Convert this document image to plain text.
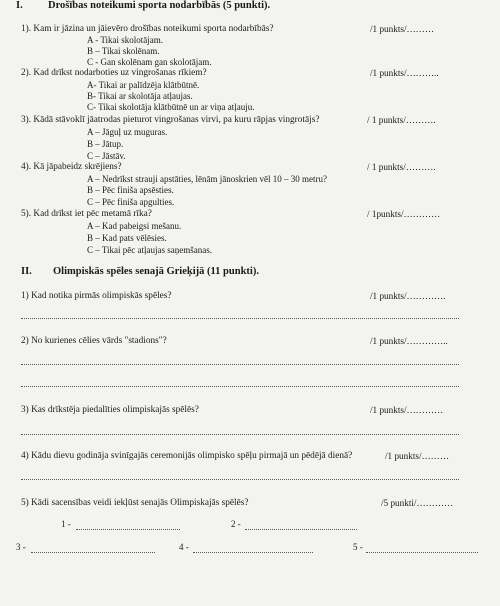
I. Drošības noteikumi sporta nodarbībās (5 punkti).
1). Kam ir jāzina un jāievēro drošības noteikumi sporta nodarbībās?	/1 punkts/………
A - Tikai skolotājam.
B – Tikai skolēnam.
C - Gan skolēnam gan skolotājam.
2). Kad drīkst nodarboties uz vingrošanas rīkiem?	/1 punkts/………..
A- Tikai ar palīdzēja klātbūtnē.
B- Tikai ar skolotāja atļaujas.
C- Tikai skolotāja klātbūtnē un ar viņa atļauju.
3). Kādā stāvoklī jāatrodas pieturot vingrošanas virvi, pa kuru rāpjas vingrotājs?	/ 1 punkts/……….
A – Jāguļ uz muguras.
B – Jātup.
C – Jāstāv.
4). Kā jāpabeidz skrējiens?	/ 1 punkts/……….
A – Nedrīkst strauji apstāties, lēnām jānoskrien vēl 10 – 30 metru?
B – Pēc finiša apsēsties.
C – Pēc finiša apgulties.
5). Kad drīkst iet pēc metamā rīka?	/ 1punkts/…………
A – Kad pabeigsi mešanu.
B – Kad pats vēlēsies.
C – Tikai pēc atļaujas saņemšanas.
II. Olimpiskās spēles senajā Grieķijā (11 punkti).
1) Kad notika pirmās olimpiskās spēles?	/1 punkts/………….
2) No kurienes cēlies vārds "stadions"?	/1 punkts/…………..
3) Kas drīkstēja piedalīties olimpiskajās spēlēs?	/1 punkts/…………
4) Kādu dievu godināja svinīgajās ceremonijās olimpisko spēļu pirmajā un pēdējā dienā?	/1 punkts/………
5) Kādi sacensības veidi iekļūst senajās Olimpiskajās spēlēs?	/5 punkti/…………
1 -	2 -
3 -	4 -	5 -
